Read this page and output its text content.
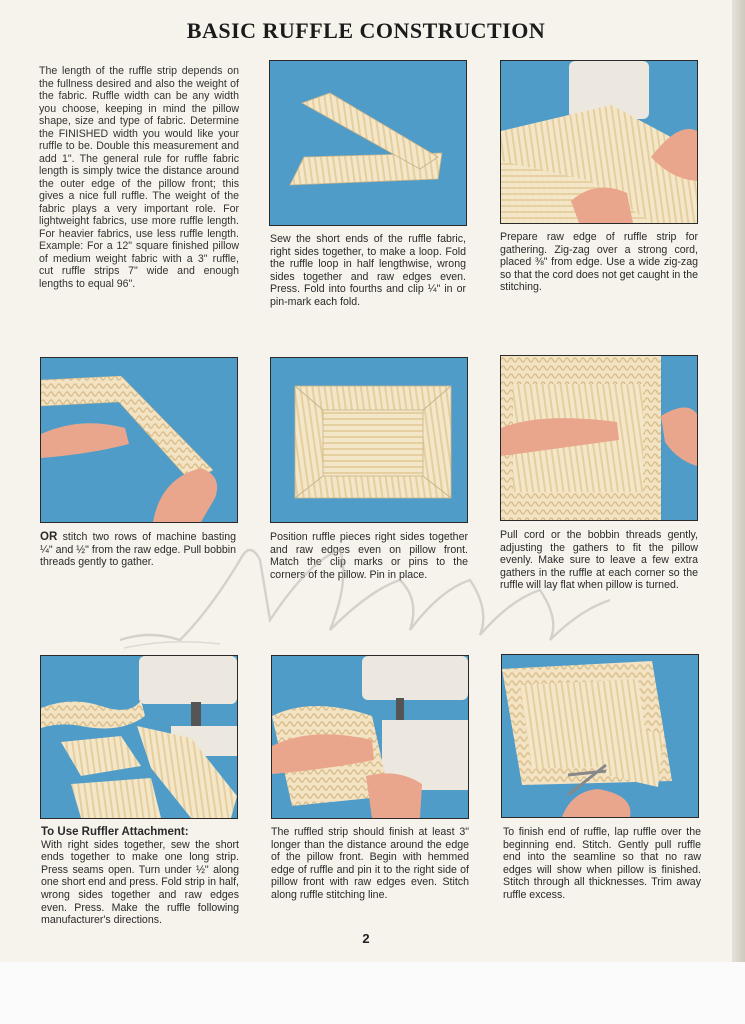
BASIC RUFFLE CONSTRUCTION

The length of the ruffle strip depends on the fullness desired and also the weight of the fabric. Ruffle width can be any width you choose, keeping in mind the pillow shape, size and type of fabric. Determine the FINISHED width you would like your ruffle to be. Double this measurement and add 1". The general rule for ruffle fabric length is simply twice the distance around the outer edge of the pillow front; this gives a nice full ruffle. The weight of the fabric plays a very important role. For lightweight fabrics, use more ruffle length. For heavier fabrics, use less ruffle length. Example: For a 12" square finished pillow of medium weight fabric with a 3" ruffle, cut ruffle strips 7" wide and enough lengths to equal 96".

Sew the short ends of the ruffle fabric, right sides together, to make a loop. Fold the ruffle loop in half lengthwise, wrong sides together and raw edges even. Press. Fold into fourths and clip ¼" in or pin-mark each fold.
Prepare raw edge of ruffle strip for gathering. Zig-zag over a strong cord, placed ⅜" from edge. Use a wide zig-zag so that the cord does not get caught in the stitching.
OR stitch two rows of machine basting ¼" and ½" from the raw edge. Pull bobbin threads gently to gather.
Position ruffle pieces right sides together and raw edges even on pillow front. Match the clip marks or pins to the corners of the pillow. Pin in place.
Pull cord or the bobbin threads gently, adjusting the gathers to fit the pillow evenly. Make sure to leave a few extra gathers in the ruffle at each corner so the ruffle will lay flat when pillow is turned.
To Use Ruffler Attachment:
With right sides together, sew the short ends together to make one long strip. Press seams open. Turn under ½" along one short end and press. Fold strip in half, wrong sides together and raw edges even. Press. Make the ruffle following manufacturer's directions.
The ruffled strip should finish at least 3" longer than the distance around the edge of the pillow front. Begin with hemmed edge of ruffle and pin it to the right side of pillow front with raw edges even. Stitch along ruffle stitching line.
To finish end of ruffle, lap ruffle over the beginning end. Stitch. Gently pull ruffle end into the seamline so that no raw edges will show when pillow is finished. Stitch through all thicknesses. Trim away ruffle excess.
2
